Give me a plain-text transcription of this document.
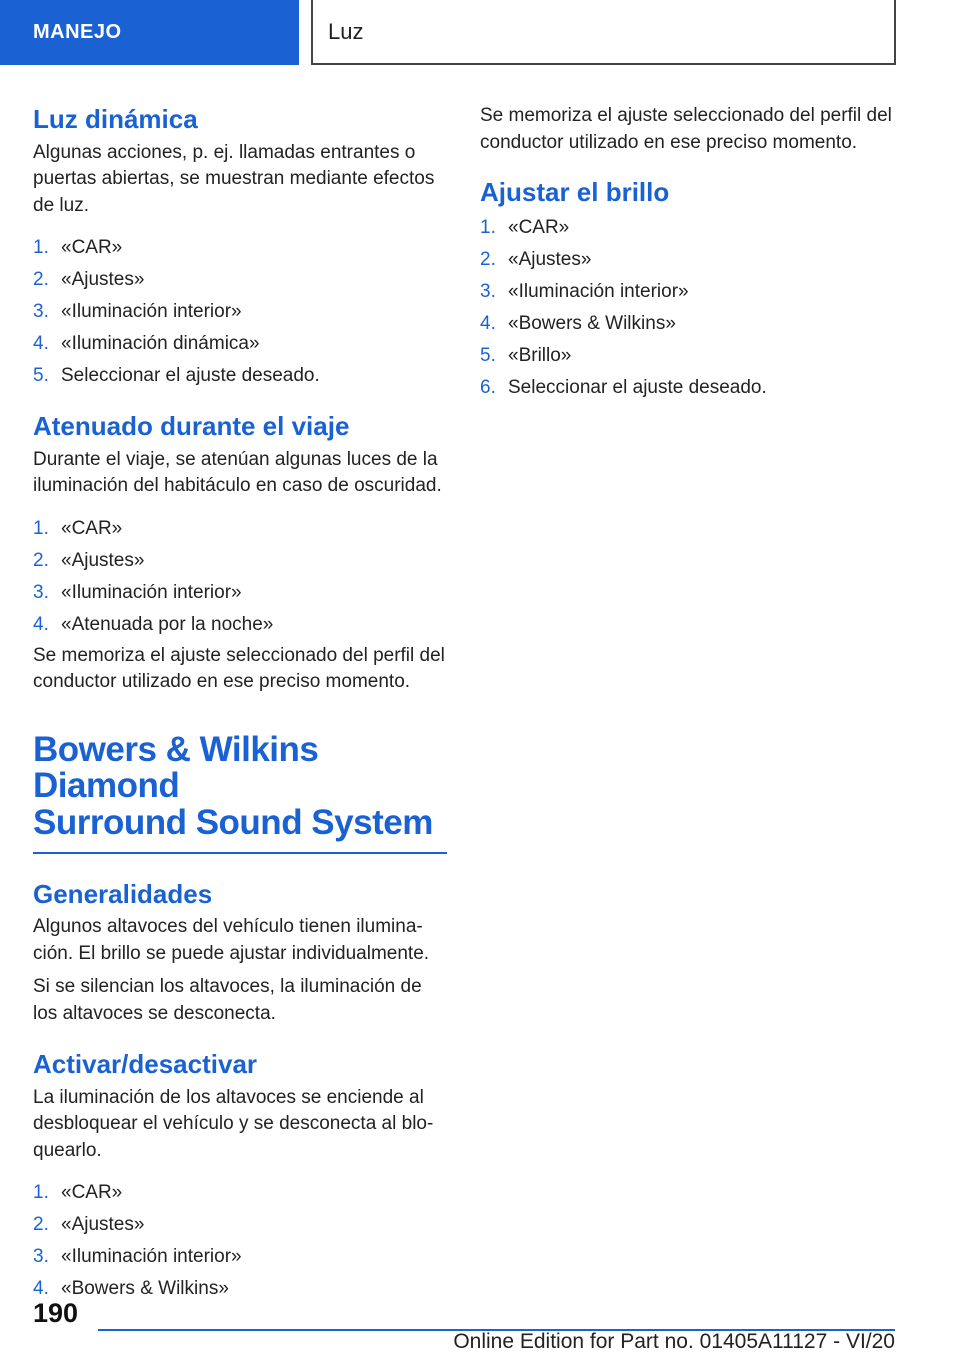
MANEJO	Luz
Luz dinámica

Algunas acciones, p. ej. llamadas entrantes o puertas abiertas, se muestran mediante efectos de luz.

1. «CAR»
2. «Ajustes»
3. «Iluminación interior»
4. «Iluminación dinámica»
5. Seleccionar el ajuste deseado.
Atenuado durante el viaje

Durante el viaje, se atenúan algunas luces de la iluminación del habitáculo en caso de oscuridad.

1. «CAR»
2. «Ajustes»
3. «Iluminación interior»
4. «Atenuada por la noche»

Se memoriza el ajuste seleccionado del perfil del conductor utilizado en ese preciso momento.

Bowers & Wilkins Diamond
Surround Sound System
Generalidades

Algunos altavoces del vehículo tienen ilumina- ción. El brillo se puede ajustar individualmente.

Si se silencian los altavoces, la iluminación de los altavoces se desconecta.

Activar/desactivar

La iluminación de los altavoces se enciende al desbloquear el vehículo y se desconecta al blo- quearlo.

1. «CAR»
2. «Ajustes»
3. «Iluminación interior»
4. «Bowers & Wilkins»

Se memoriza el ajuste seleccionado del perfil del conductor utilizado en ese preciso momento.

Ajustar el brillo
1. «CAR»
2. «Ajustes»
3. «Iluminación interior»
4. «Bowers & Wilkins»
5. «Brillo»
6. Seleccionar el ajuste deseado.
190
Online Edition for Part no. 01405A11127 - VI/20
